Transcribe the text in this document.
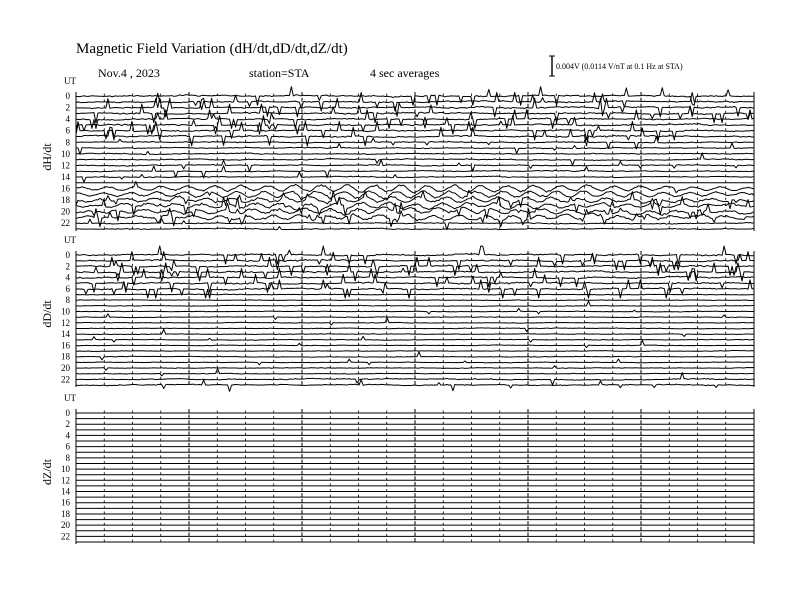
Magnetic Field Variation (dH/dt,dD/dt,dZ/dt)
Nov.4 , 2023	station=STA	4 sec averages	0.004V (0.0114 V/nT at 0.1 Hz at STA)
UT
dH/dt
0
2
4
6
8
10
12
14
16
18
20
22
UT
dD/dt
0
2
4
6
8
10
12
14
16
18
20
22
UT
dZ/dt
0
2
4
6
8
10
12
14
16
18
20
22
